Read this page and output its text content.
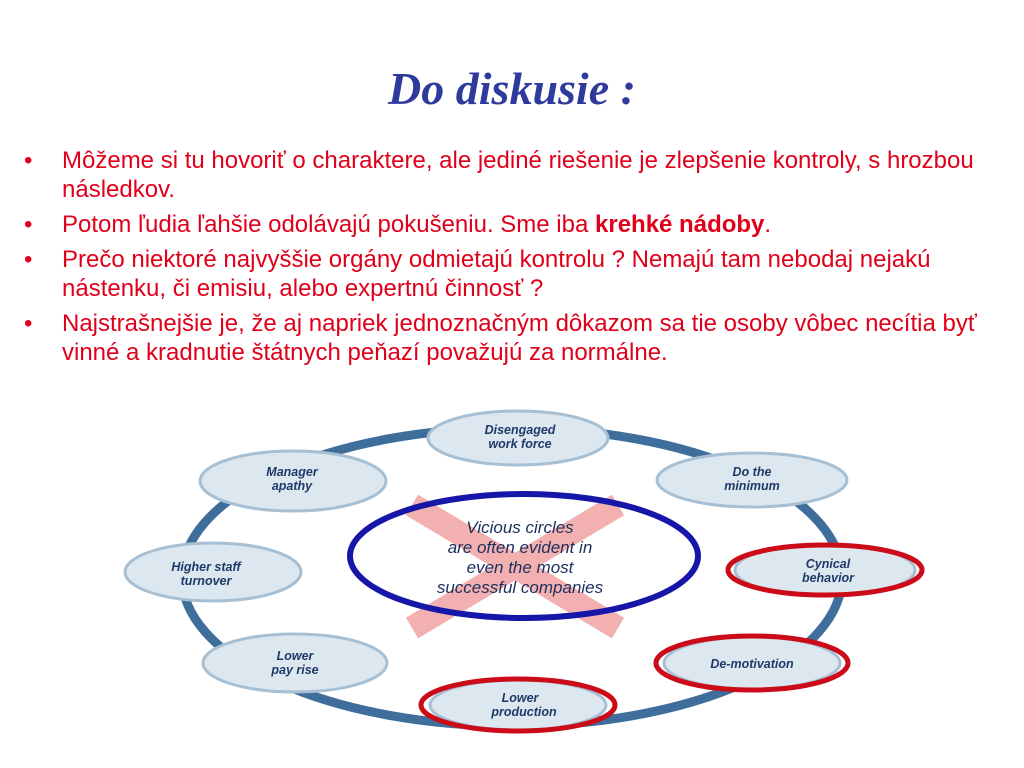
Do diskusie :
• Môžeme si tu hovoriť o charaktere, ale jediné riešenie je zlepšenie kontroly, s hrozbou následkov.
• Potom ľudia ľahšie odolávajú pokušeniu. Sme iba krehké nádoby.
• Prečo niektoré najvyššie orgány odmietajú kontrolu ? Nemajú tam nebodaj nejakú nástenku, či emisiu, alebo expertnú činnosť ?
• Najstrašnejšie je, že aj napriek jednoznačným dôkazom sa tie osoby vôbec necítia byť vinné a kradnutie štátnych peňazí považujú za normálne.
Vicious circles
are often evident in
even the most
successful companies
Disengaged
work force
Do the
minimum
Cynical
behavior
De-motivation
Lower
production
Lower
pay rise
Higher staff
turnover
Manager
apathy
